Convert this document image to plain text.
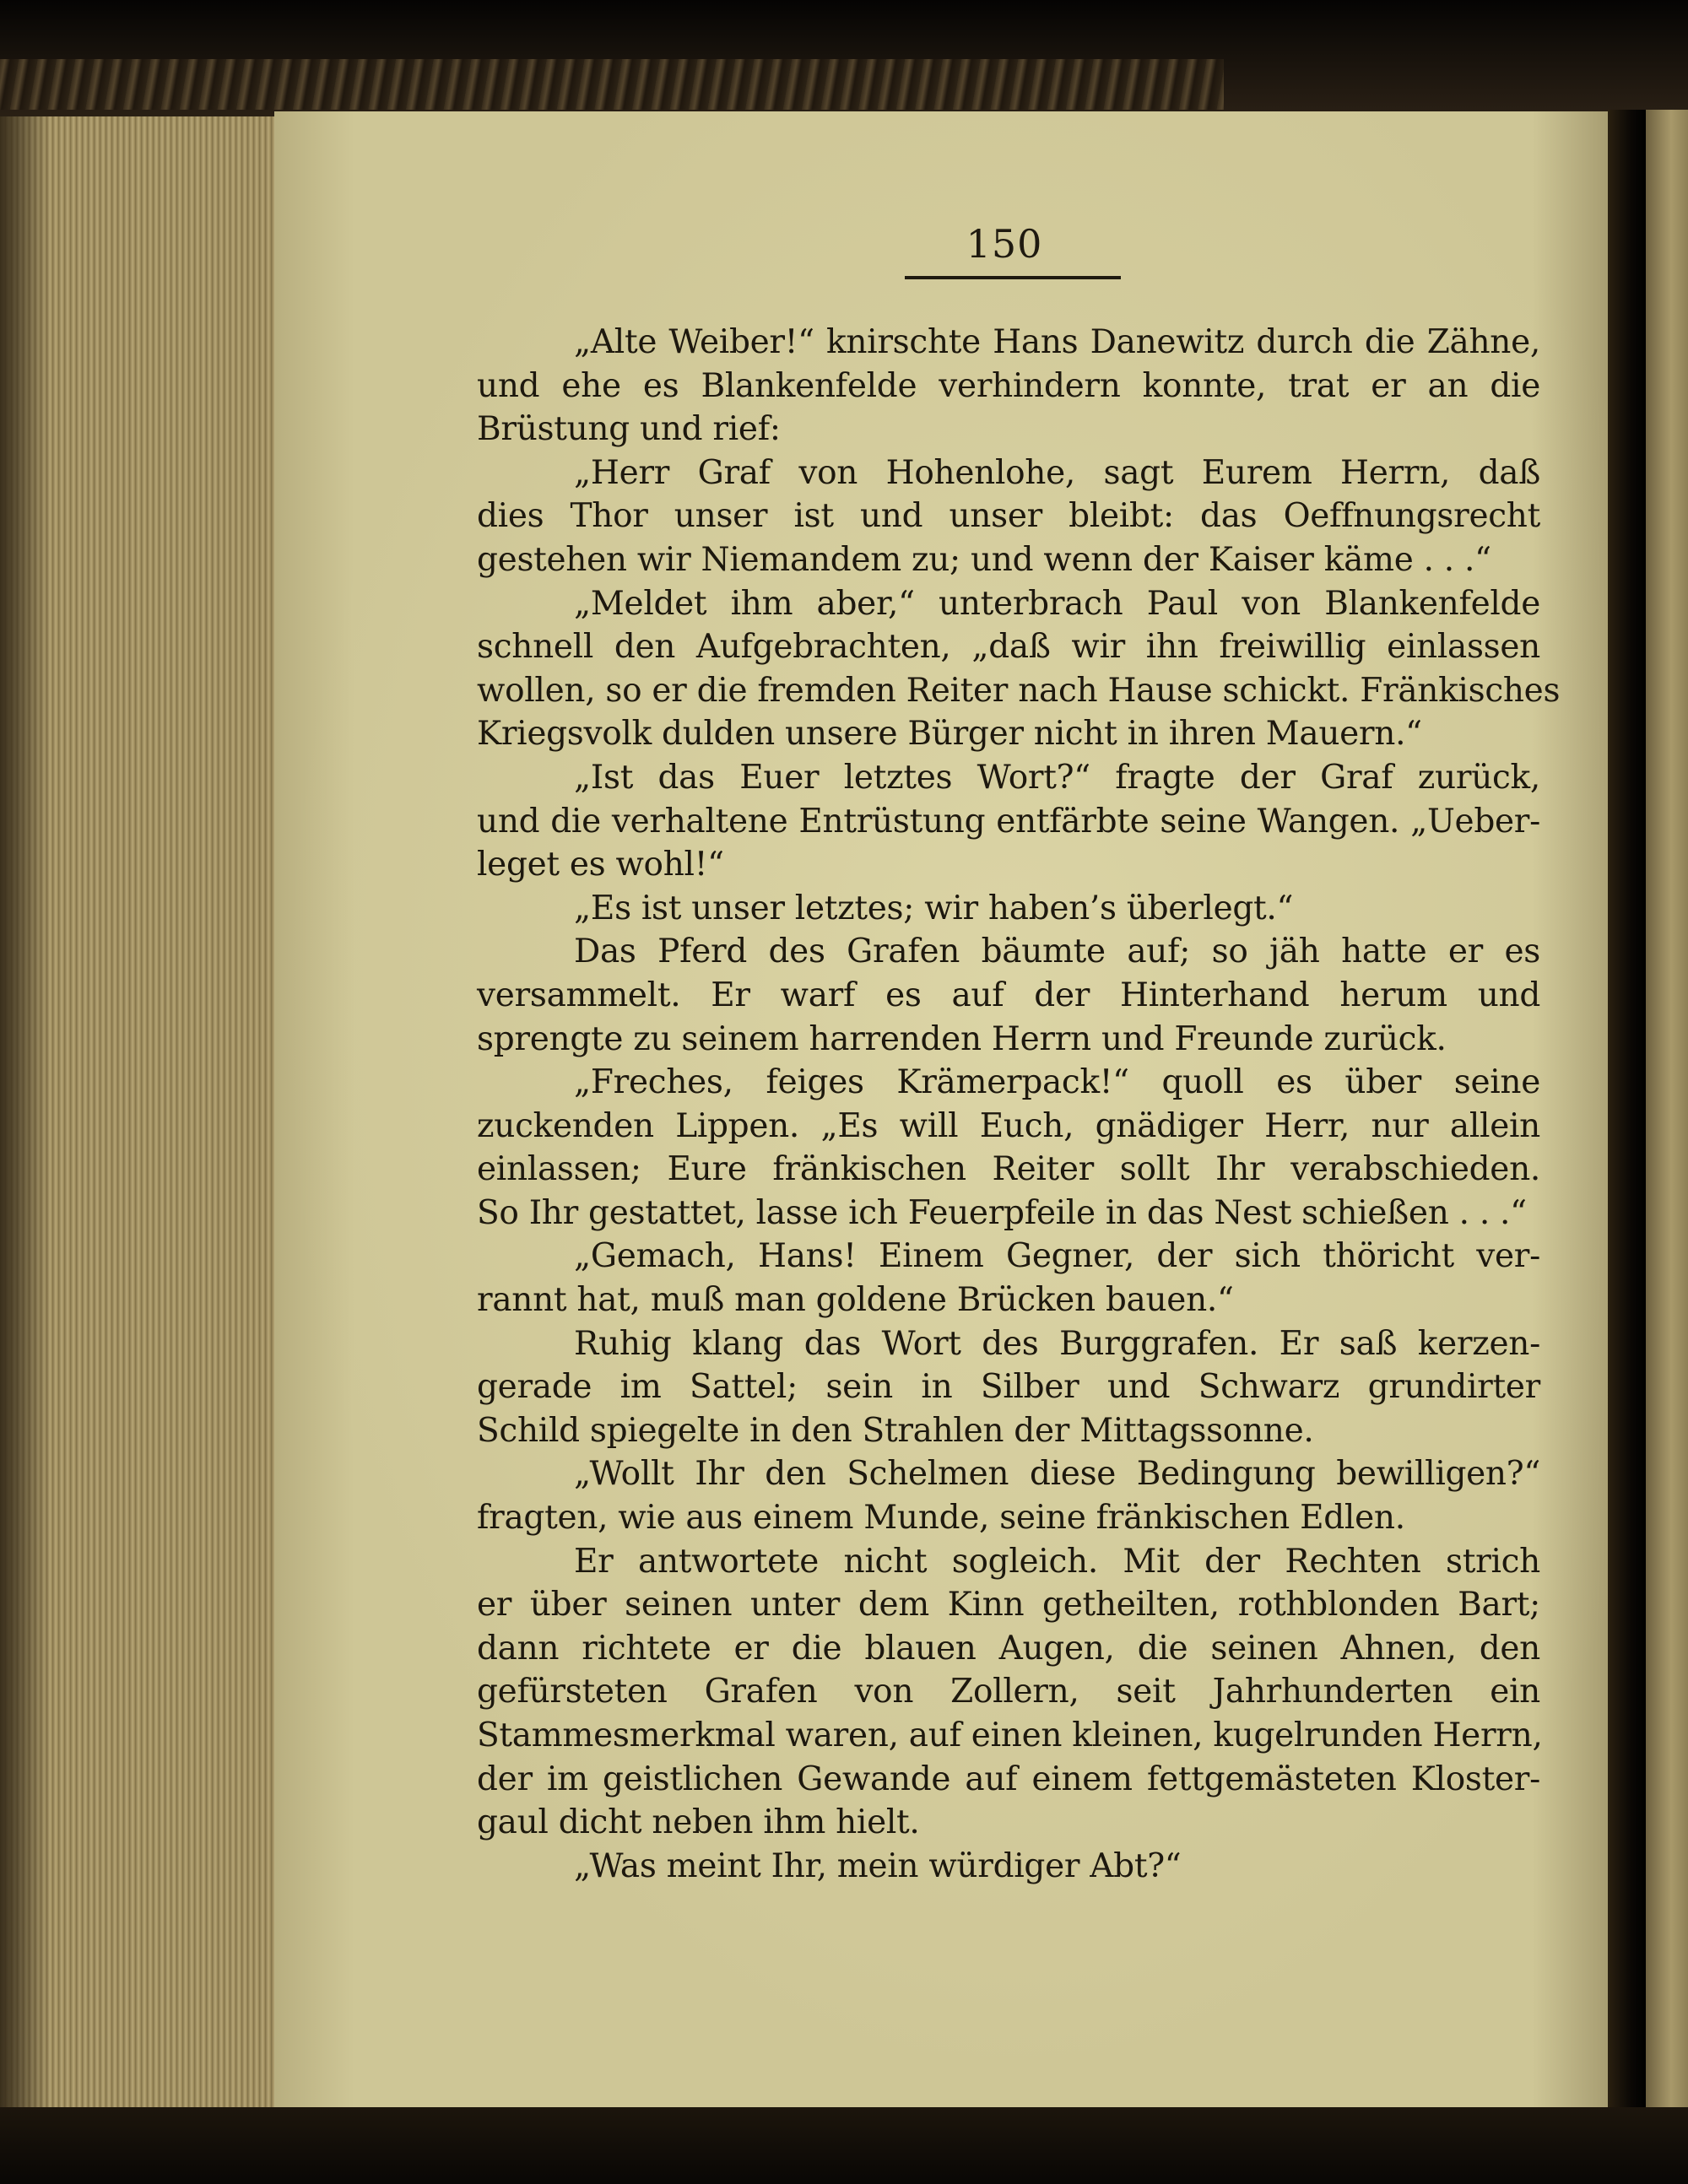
150
„Alte Weiber!“ knirschte Hans Danewitz durch die Zähne,
und ehe es Blankenfelde verhindern konnte, trat er an die
Brüstung und rief:
„Herr Graf von Hohenlohe, sagt Eurem Herrn, daß
dies Thor unser ist und unser bleibt: das Oeffnungsrecht
gestehen wir Niemandem zu; und wenn der Kaiser käme . . .“
„Meldet ihm aber,“ unterbrach Paul von Blankenfelde
schnell den Aufgebrachten, „daß wir ihn freiwillig einlassen
wollen, so er die fremden Reiter nach Hause schickt. Fränkisches
Kriegsvolk dulden unsere Bürger nicht in ihren Mauern.“
„Ist das Euer letztes Wort?“ fragte der Graf zurück,
und die verhaltene Entrüstung entfärbte seine Wangen. „Ueber-
leget es wohl!“
„Es ist unser letztes; wir haben’s überlegt.“
Das Pferd des Grafen bäumte auf; so jäh hatte er es
versammelt. Er warf es auf der Hinterhand herum und
sprengte zu seinem harrenden Herrn und Freunde zurück.
„Freches, feiges Krämerpack!“ quoll es über seine
zuckenden Lippen. „Es will Euch, gnädiger Herr, nur allein
einlassen; Eure fränkischen Reiter sollt Ihr verabschieden.
So Ihr gestattet, lasse ich Feuerpfeile in das Nest schießen . . .“
„Gemach, Hans! Einem Gegner, der sich thöricht ver-
rannt hat, muß man goldene Brücken bauen.“
Ruhig klang das Wort des Burggrafen. Er saß kerzen-
gerade im Sattel; sein in Silber und Schwarz grundirter
Schild spiegelte in den Strahlen der Mittagssonne.
„Wollt Ihr den Schelmen diese Bedingung bewilligen?“
fragten, wie aus einem Munde, seine fränkischen Edlen.
Er antwortete nicht sogleich. Mit der Rechten strich
er über seinen unter dem Kinn getheilten, rothblonden Bart;
dann richtete er die blauen Augen, die seinen Ahnen, den
gefürsteten Grafen von Zollern, seit Jahrhunderten ein
Stammesmerkmal waren, auf einen kleinen, kugelrunden Herrn,
der im geistlichen Gewande auf einem fettgemästeten Kloster-
gaul dicht neben ihm hielt.
„Was meint Ihr, mein würdiger Abt?“
